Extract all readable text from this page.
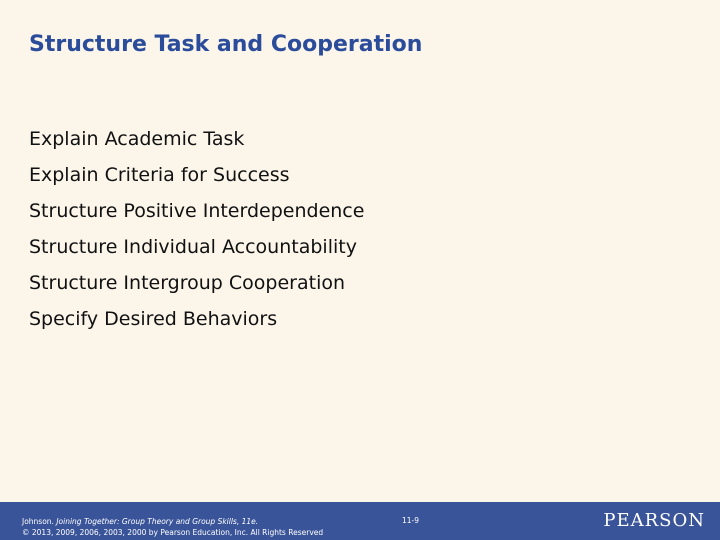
Structure Task and Cooperation
Explain Academic Task
Explain Criteria for Success
Structure Positive Interdependence
Structure Individual Accountability
Structure Intergroup Cooperation
Specify Desired Behaviors
Johnson. Joining Together: Group Theory and Group Skills, 11e.
© 2013, 2009, 2006, 2003, 2000 by Pearson Education, Inc. All Rights Reserved
11-9	PEARSON
